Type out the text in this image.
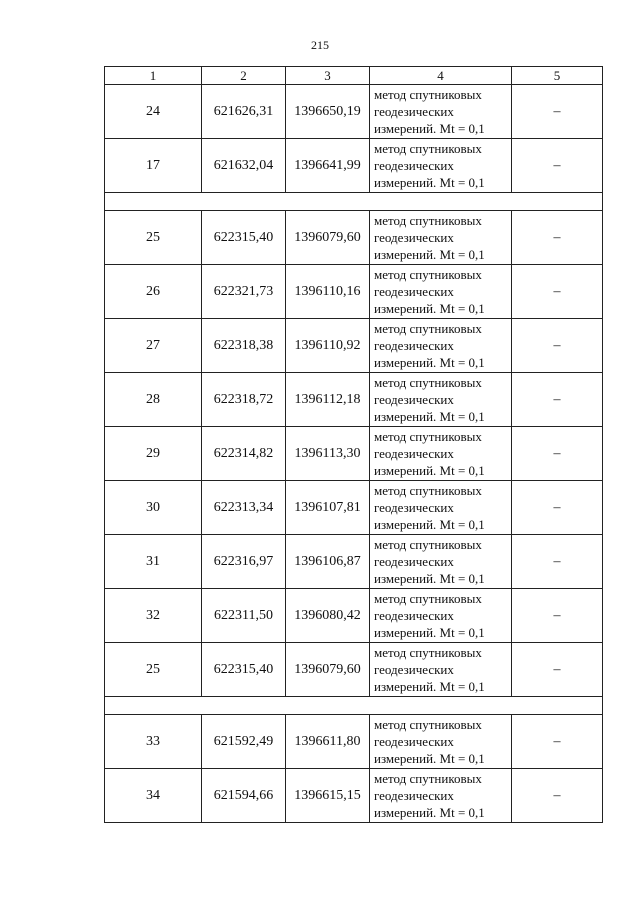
215
1	2	3	4	5
24	621626,31	1396650,19	метод спутниковых
геодезических
измерений. Mt = 0,1	–
17	621632,04	1396641,99	метод спутниковых
геодезических
измерений. Mt = 0,1	–

25	622315,40	1396079,60	метод спутниковых
геодезических
измерений. Mt = 0,1	–
26	622321,73	1396110,16	метод спутниковых
геодезических
измерений. Mt = 0,1	–
27	622318,38	1396110,92	метод спутниковых
геодезических
измерений. Mt = 0,1	–
28	622318,72	1396112,18	метод спутниковых
геодезических
измерений. Mt = 0,1	–
29	622314,82	1396113,30	метод спутниковых
геодезических
измерений. Mt = 0,1	–
30	622313,34	1396107,81	метод спутниковых
геодезических
измерений. Mt = 0,1	–
31	622316,97	1396106,87	метод спутниковых
геодезических
измерений. Mt = 0,1	–
32	622311,50	1396080,42	метод спутниковых
геодезических
измерений. Mt = 0,1	–
25	622315,40	1396079,60	метод спутниковых
геодезических
измерений. Mt = 0,1	–

33	621592,49	1396611,80	метод спутниковых
геодезических
измерений. Mt = 0,1	–
34	621594,66	1396615,15	метод спутниковых
геодезических
измерений. Mt = 0,1	–
